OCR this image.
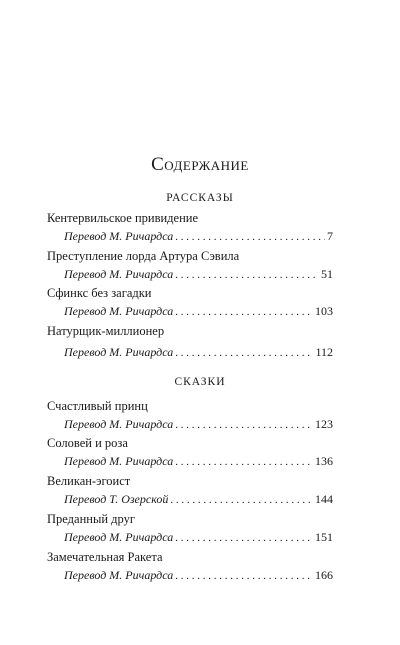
Содержание
РАССКАЗЫ
Кентервильское привидение
Перевод М. Ричардса . . .	7
Преступление лорда Артура Сэвила
Перевод М. Ричардса . . .	51
Сфинкс без загадки
Перевод М. Ричардса . . .	103
Натурщик-миллионер
Перевод М. Ричардса . . .	112
СКАЗКИ
Счастливый принц
Перевод М. Ричардса . . .	123
Соловей и роза
Перевод М. Ричардса . . .	136
Великан-эгоист
Перевод Т. Озерской . . .	144
Преданный друг
Перевод М. Ричардса . . .	151
Замечательная Ракета
Перевод М. Ричардса . . .	166
